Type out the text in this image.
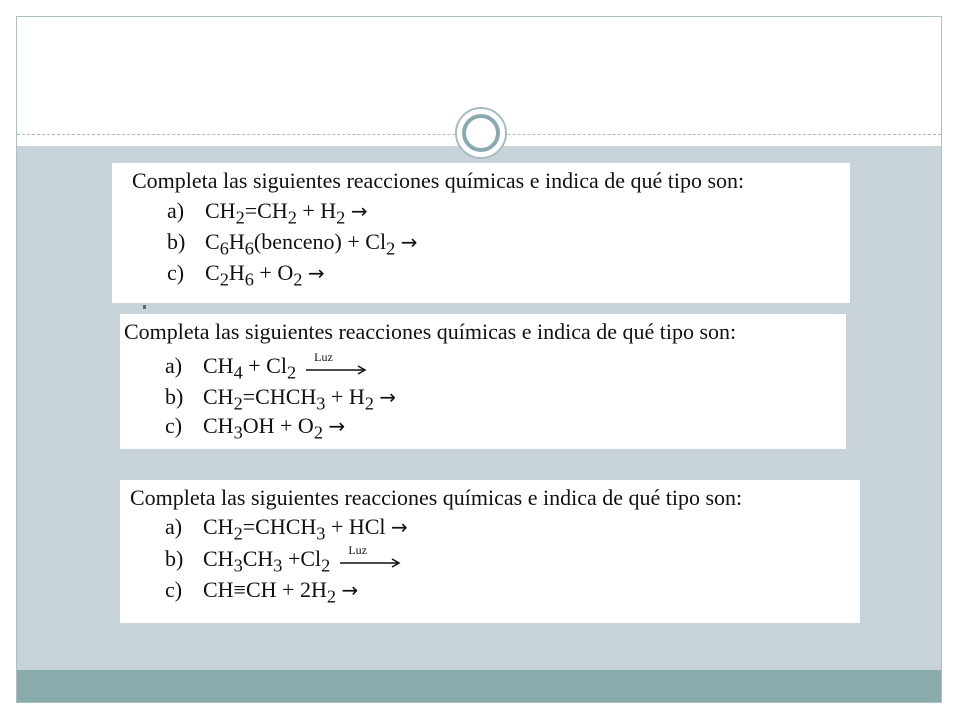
Completa las siguientes reacciones químicas e indica de qué tipo son:
a) $CH_2=CH_2 + H_2$ →
b) $C_6H_6(benceno) + Cl_2$ →
c) $C_2H_6 + O_2$ →
Completa las siguientes reacciones químicas e indica de qué tipo son:
a) $CH_4 + Cl_2$
Luz
b) $CH_2=CHCH_3 + H_2$ →
c) $CH_3OH + O_2$ →
Completa las siguientes reacciones químicas e indica de qué tipo son:
a) $CH_2=CHCH_3$ + HCl →
b) $CH_3CH_3 +Cl_2$
Luz
c) $CH\equiv CH + 2H_2$ →
